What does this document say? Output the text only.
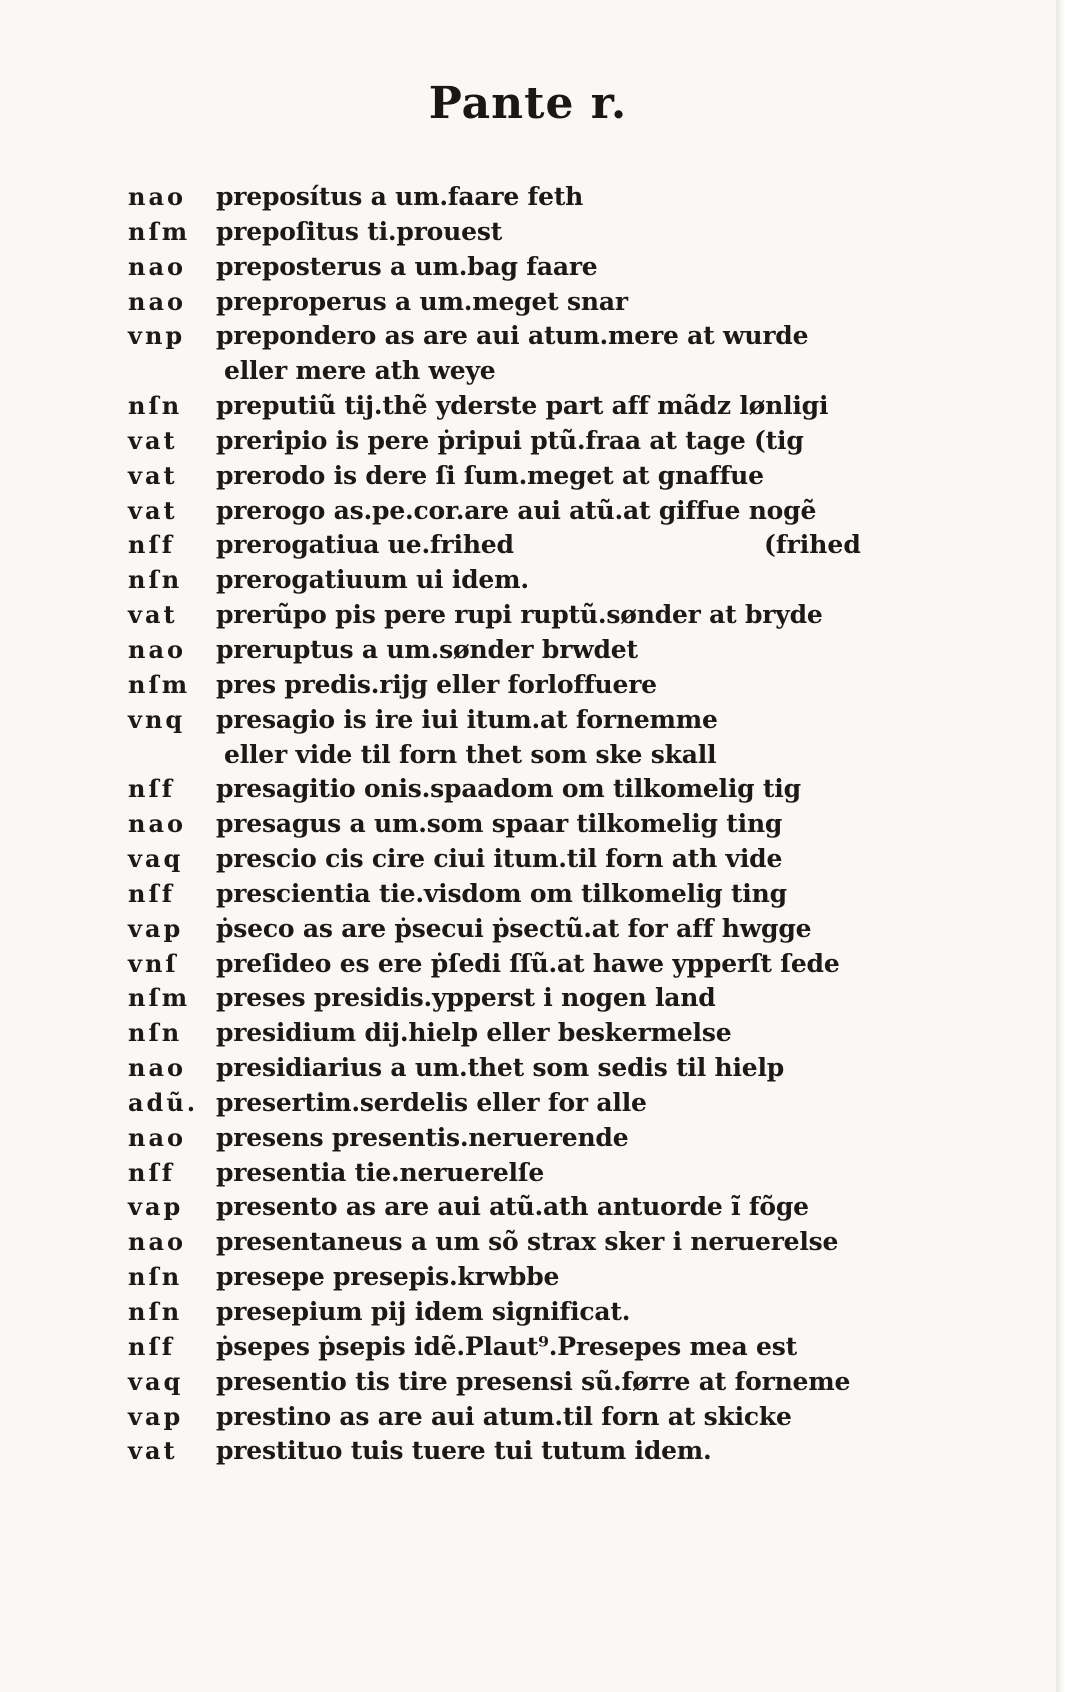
Pante r.
nao	preposítus a um.faare feth
nſm	prepoſitus ti.prouest
nao	preposterus a um.bag faare
nao	preproperus a um.meget snar
vnp	prepondero as are aui atum.mere at wurde
eller mere ath weye
nſn	preputiũ tij.thẽ yderste part aff mãdz lønligi
vat	preripio is pere ṗripui ptũ.fraa at tage (tig
vat	prerodo is dere ſi ſum.meget at gnaffue
vat	prerogo as.pe.cor.are aui atũ.at giffue nogẽ
nſf	prerogatiua ue.frihed	(frihed
nſn	prerogatiuum ui idem.
vat	prerũpo pis pere rupi ruptũ.sønder at bryde
nao	preruptus a um.sønder brwdet
nſm	pres predis.rijg eller forloffuere
vnq	presagio is ire iui itum.at fornemme
eller vide til forn thet som ske skall
nſf	presagitio onis.spaadom om tilkomelig tig
nao	presagus a um.som spaar tilkomelig ting
vaq	prescio cis cire ciui itum.til forn ath vide
nſf	prescientia tie.visdom om tilkomelig ting
vap	ṗseco as are ṗsecui ṗsectũ.at for aff hwgge
vnſ	preſideo es ere ṗſedi ſſũ.at hawe ypperſt ſede
nſm	preses presidis.ypperst i nogen land
nſn	presidium dij.hielp eller beskermelse
nao	presidiarius a um.thet som sedis til hielp
adũ. presertim.serdelis eller for alle
nao	presens presentis.neruerende
nſf	presentia tie.neruerelſe
vap	presento as are aui atũ.ath antuorde ĩ fõge
nao	presentaneus a um sõ strax sker i neruerelse
nſn	presepe presepis.krwbbe
nſn	presepium pij idem significat.
nſf	ṗsepes ṗsepis idẽ.Plaut⁹.Presepes mea est
vaq	presentio tis tire presensi sũ.førre at forneme
vap	prestino as are aui atum.til forn at skicke
vat	prestituo tuis tuere tui tutum idem.
